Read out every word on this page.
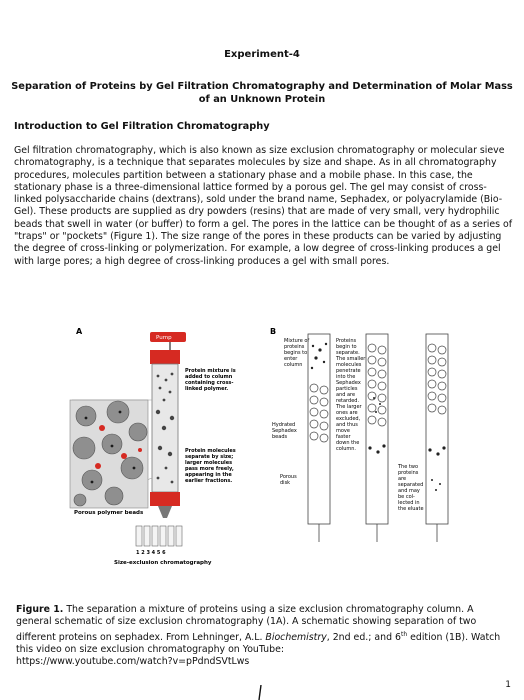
Experiment-4
Separation of Proteins by Gel Filtration Chromatography and Determination of Molar Mass
of an Unknown Protein
Introduction to Gel Filtration Chromatography
Gel filtration chromatography, which is also known as size exclusion chromatography or molecular sieve chromatography, is a technique that separates molecules by size and shape. As in all chromatography procedures, molecules partition between a stationary phase and a mobile phase. In this case, the stationary phase is a three-dimensional lattice formed by a porous gel. The gel may consist of cross-linked polysaccharide chains (dextrans), sold under the brand name, Sephadex, or polyacrylamide (Bio-Gel). These products are supplied as dry powders (resins) that are made of very small, very hydrophilic beads that swell in water (or buffer) to form a gel. The pores in the lattice can be thought of as a series of "traps" or "pockets" (Figure 1). The size range of the pores in these products can be varied by adjusting the degree of cross-linking or polymerization. For example, a low degree of cross-linking produces a gel with large pores; a high degree of cross-linking produces a gel with small pores.
A	B
Pump
Porous polymer beads
Protein mixture is
added to column
containing cross-
linked polymer.
Protein molecules
separate by size;
larger molecules
pass more freely,
appearing in the
earlier fractions.
1 2 3 4 5 6
Size-exclusion chromatography
Mixture of
proteins
begins to
enter
column
Hydrated
Sephadex
beads
Porous
disk
Proteins
begin to
separate.
The smaller
molecules
penetrate
into the
Sephadex
particles
and are
retarded.
The larger
ones are
excluded,
and thus
move
faster
down the
column.
The two
proteins
are
separated
and may
be col-
lected in
the eluate
Figure 1. The separation a mixture of proteins using a size exclusion chromatography column. A general schematic of size exclusion chromatography (1A). A schematic showing separation of two different proteins on sephadex. From Lehninger, A.L. Biochemistry, 2nd ed.; and 6th edition (1B). Watch this video on size exclusion chromatography on YouTube:
https://www.youtube.com/watch?v=pPdndSVtLws
1
